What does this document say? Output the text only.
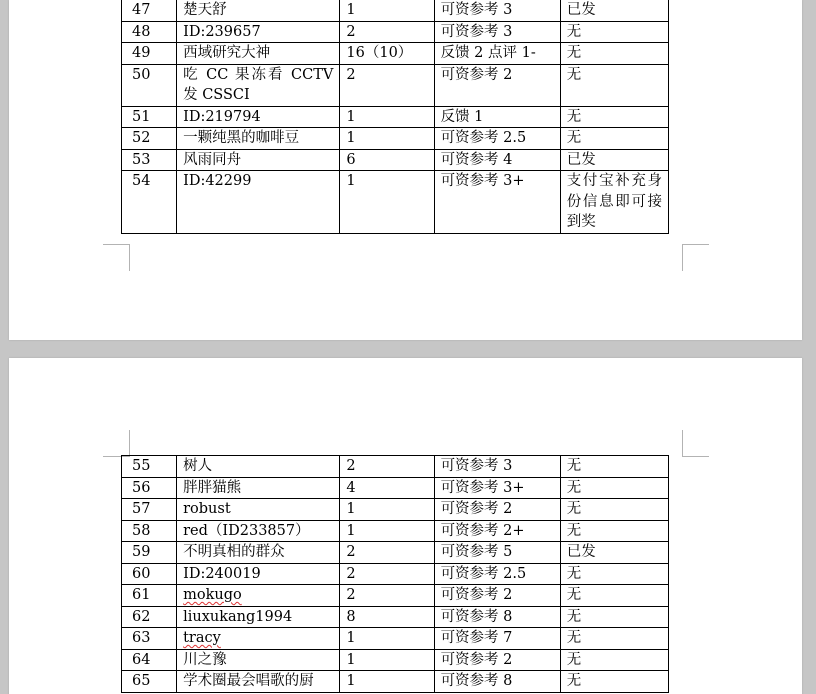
47	楚天舒	1	可资参考 3	已发
48	ID:239657	2	可资参考 3	无
49	西域研究大神	16（10）	反馈 2 点评 1-	无
50	吃 CC 果冻看 CCTV 发 CSSCI	2	可资参考 2	无
51	ID:219794	1	反馈 1	无
52	一颗纯黑的咖啡豆	1	可资参考 2.5	无
53	风雨同舟	6	可资参考 4	已发
54	ID:42299	1	可资参考 3+	支付宝补充身份信息即可接到奖
55	树人	2	可资参考 3	无
56	胖胖猫熊	4	可资参考 3+	无
57	robust	1	可资参考 2	无
58	red（ID233857）	1	可资参考 2+	无
59	不明真相的群众	2	可资参考 5	已发
60	ID:240019	2	可资参考 2.5	无
61	mokugo	2	可资参考 2	无
62	liuxukang1994	8	可资参考 8	无
63	tracy	1	可资参考 7	无
64	川之豫	1	可资参考 2	无
65	学术圈最会唱歌的厨	1	可资参考 8	无
